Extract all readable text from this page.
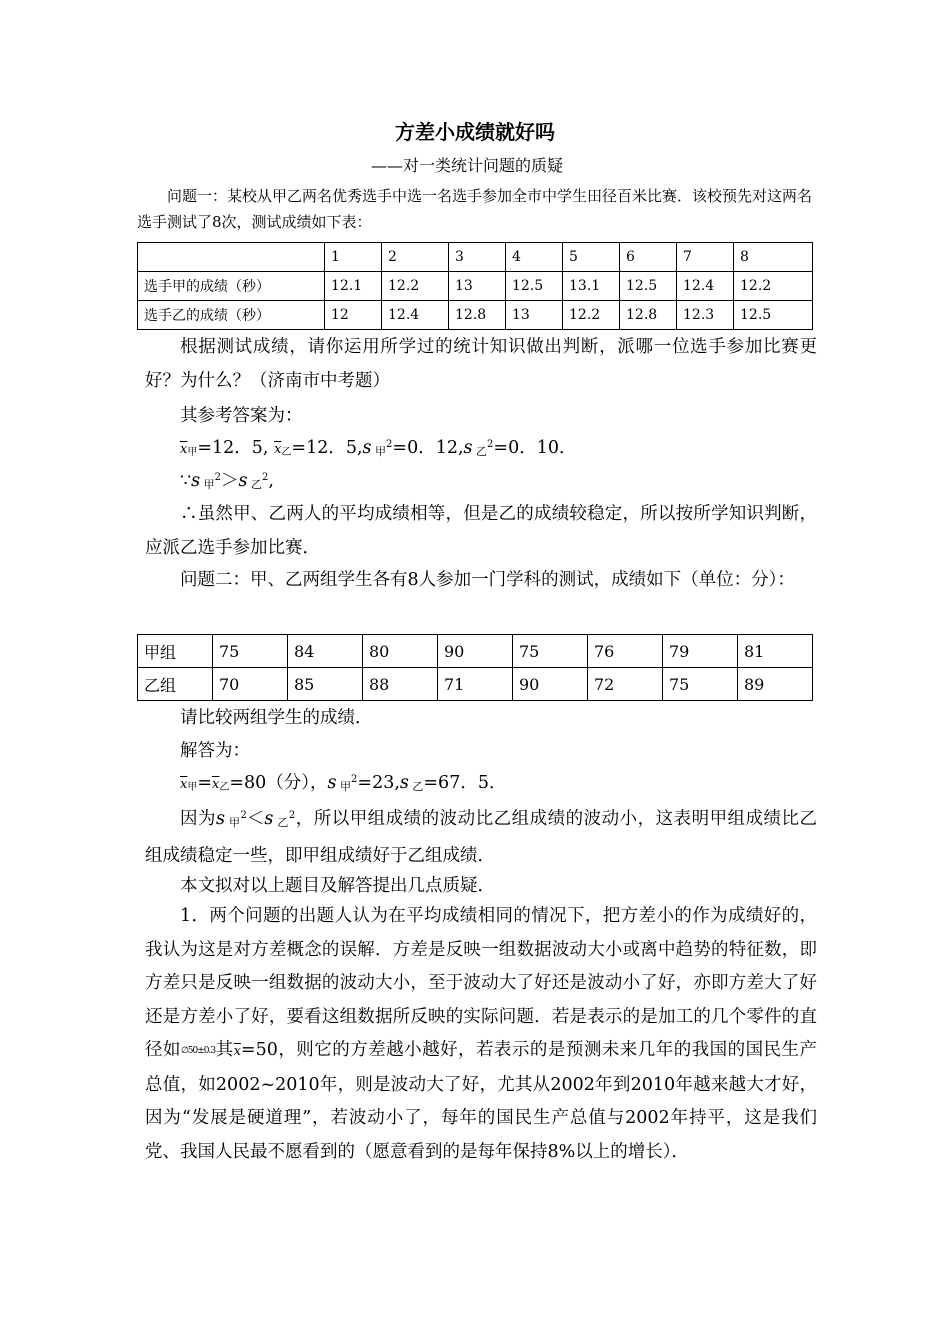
方差小成绩就好吗
——对一类统计问题的质疑

问题一：某校从甲乙两名优秀选手中选一名选手参加全市中学生田径百米比赛．该校预先对这两名选手测试了8次，测试成绩如下表：

	1	2	3	4	5	6	7	8
选手甲的成绩（秒）	12.1	12.2	13	12.5	13.1	12.5	12.4	12.2
选手乙的成绩（秒）	12	12.4	12.8	13	12.2	12.8	12.3	12.5

根据测试成绩，请你运用所学过的统计知识做出判断，派哪一位选手参加比赛更好？为什么？（济南市中考题）

其参考答案为：
$\overline{x}$甲=12．5, $\overline{x}$乙=12．5,s 甲$^2$=0．12,s 乙$^2$=0．10．
∵s 甲$^2$＞s 乙$^2$,

∴虽然甲、乙两人的平均成绩相等，但是乙的成绩较稳定，所以按所学知识判断，应派乙选手参加比赛．

问题二：甲、乙两组学生各有8人参加一门学科的测试，成绩如下（单位：分）：

甲组	75	84	80	90	75	76	79	81
乙组	70	85	88	71	90	72	75	89
请比较两组学生的成绩．
解答为：
$\overline{x}$甲$=\overline{x}$乙=80（分），s 甲$^2$=23,s 乙=67．5．

因为s 甲$^2$＜s 乙$^2$，所以甲组成绩的波动比乙组成绩的波动小，这表明甲组成绩比乙组成绩稳定一些，即甲组成绩好于乙组成绩．

本文拟对以上题目及解答提出几点质疑．

1．两个问题的出题人认为在平均成绩相同的情况下，把方差小的作为成绩好的，我认为这是对方差概念的误解．方差是反映一组数据波动大小或离中趋势的特征数，即方差只是反映一组数据的波动大小，至于波动大了好还是波动小了好，亦即方差大了好还是方差小了好，要看这组数据所反映的实际问题．若是表示的是加工的几个零件的直径如∅50±0.3其$\overline{x}=50$，则它的方差越小越好，若表示的是预测未来几年的我国的国民生产总值，如2002~2010年，则是波动大了好，尤其从2002年到2010年越来越大才好，因为“发展是硬道理”，若波动小了，每年的国民生产总值与2002年持平，这是我们党、我国人民最不愿看到的（愿意看到的是每年保持8%以上的增长）．
